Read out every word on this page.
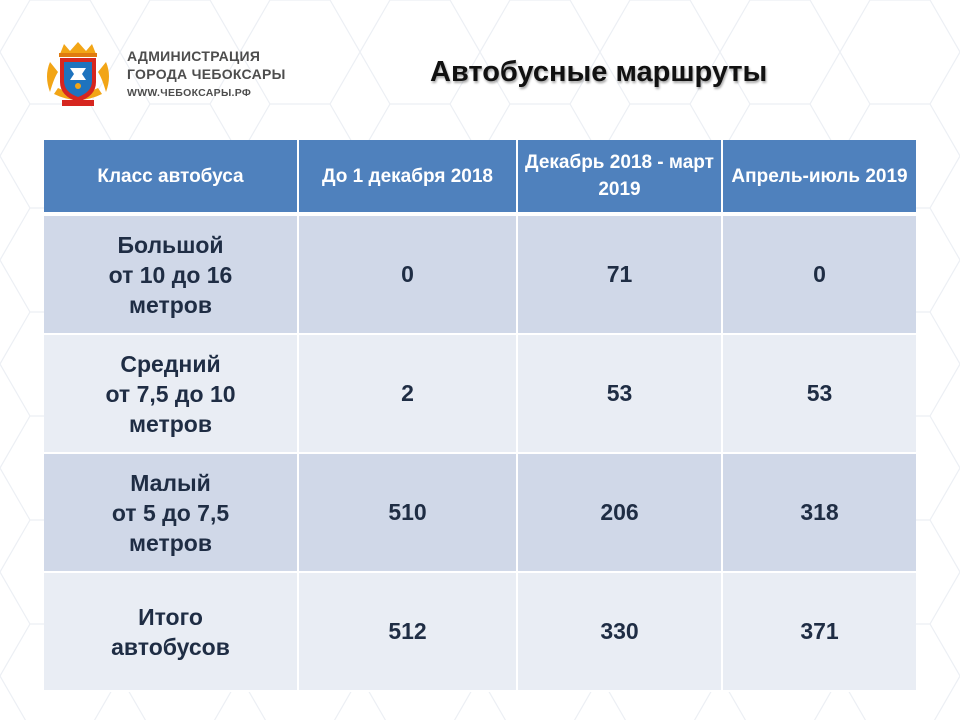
АДМИНИСТРАЦИЯ
ГОРОДА ЧЕБОКСАРЫ
WWW.ЧЕБОКСАРЫ.РФ
Автобусные маршруты
Класс автобуса	До 1 декабря 2018	Декабрь 2018 - март 2019	Апрель-июль 2019

Большой
от 10 до 16
метров	0	71	0

Средний
от 7,5 до 10
метров	2	53	53

Малый
от 5 до 7,5
метров	510	206	318

Итого
автобусов	512	330	371
